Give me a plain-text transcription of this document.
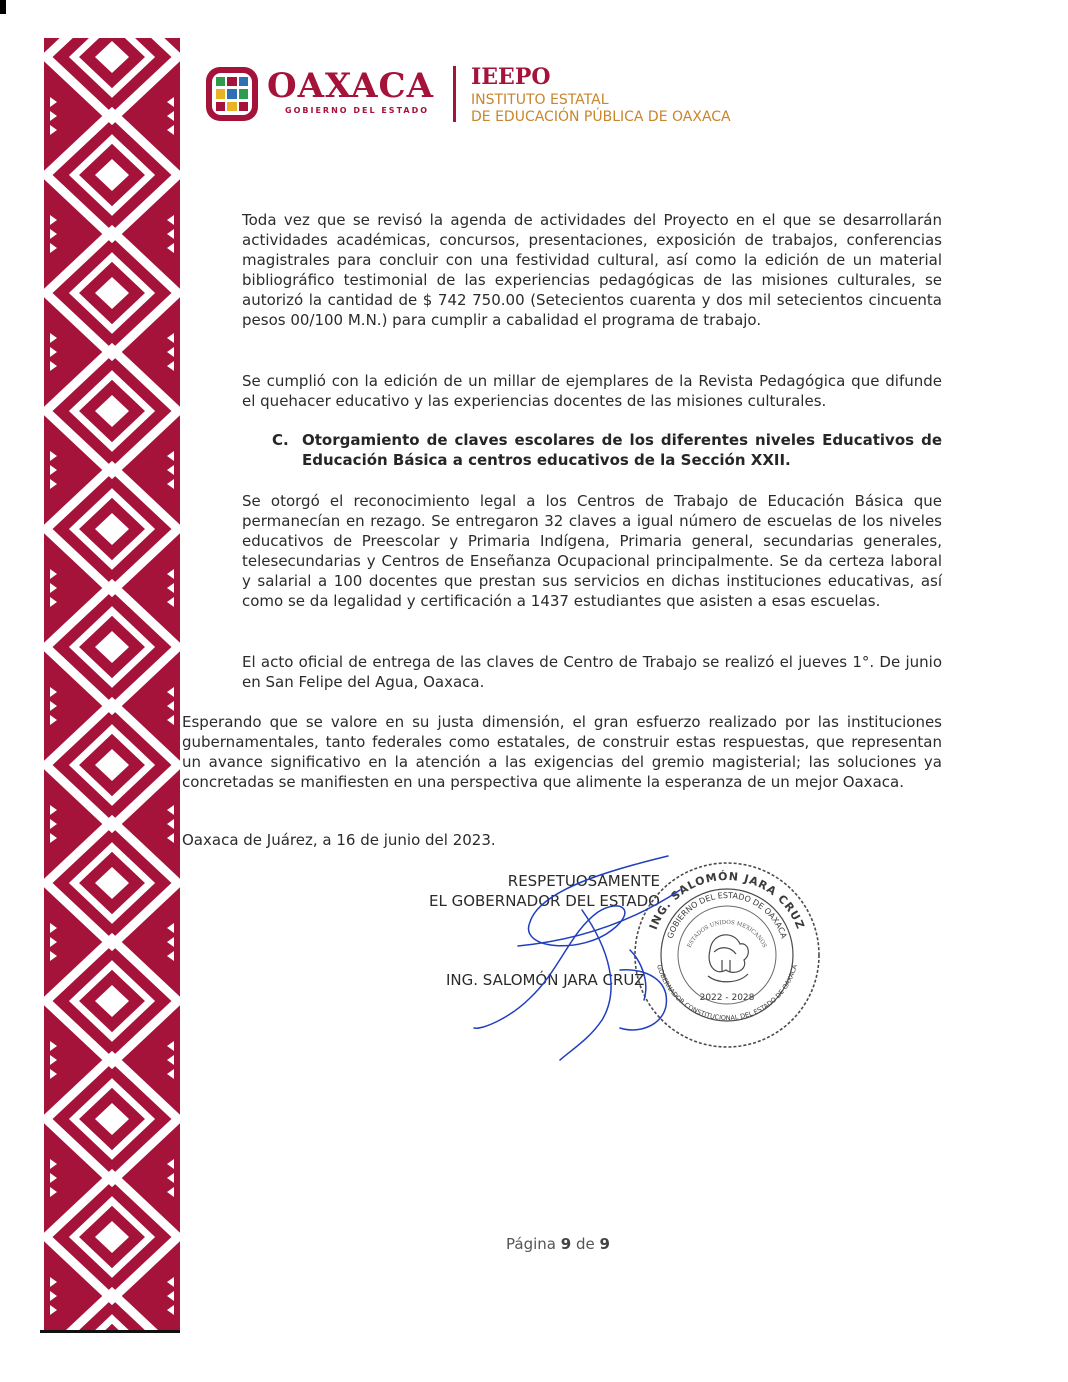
OAXACA
GOBIERNO DEL ESTADO
IEEPO
INSTITUTO ESTATAL
DE EDUCACIÓN PÚBLICA DE OAXACA
Toda vez que se revisó la agenda de actividades del Proyecto en el que se desarrollarán actividades académicas, concursos, presentaciones, exposición de trabajos, conferencias magistrales para concluir con una festividad cultural, así como la edición de un material bibliográfico testimonial de las experiencias pedagógicas de las misiones culturales, se autorizó la cantidad de $ 742 750.00 (Setecientos cuarenta y dos mil setecientos cincuenta pesos 00/100 M.N.) para cumplir a cabalidad el programa de trabajo.
Se cumplió con la edición de un millar de ejemplares de la Revista Pedagógica que difunde el quehacer educativo y las experiencias docentes de las misiones culturales.
C. Otorgamiento de claves escolares de los diferentes niveles Educativos de Educación Básica a centros educativos de la Sección XXII.
Se otorgó el reconocimiento legal a los Centros de Trabajo de Educación Básica que permanecían en rezago. Se entregaron 32 claves a igual número de escuelas de los niveles educativos de Preescolar y Primaria Indígena, Primaria general, secundarias generales, telesecundarias y Centros de Enseñanza Ocupacional principalmente. Se da certeza laboral y salarial a 100 docentes que prestan sus servicios en dichas instituciones educativas, así como se da legalidad y certificación a 1437 estudiantes que asisten a esas escuelas.
El acto oficial de entrega de las claves de Centro de Trabajo se realizó el jueves 1°. De junio en San Felipe del Agua, Oaxaca.
Esperando que se valore en su justa dimensión, el gran esfuerzo realizado por las instituciones gubernamentales, tanto federales como estatales, de construir estas respuestas, que representan un avance significativo en la atención a las exigencias del gremio magisterial; las soluciones ya concretadas se manifiesten en una perspectiva que alimente la esperanza de un mejor Oaxaca.
Oaxaca de Juárez, a 16 de junio del 2023.
RESPETUOSAMENTE
EL GOBERNADOR DEL ESTADO
ING. SALOMÓN JARA CRUZ
ING. SALOMÓN JARA CRUZ
GOBIERNO DEL ESTADO DE OAXACA
ESTADOS UNIDOS MEXICANOS
GOBERNADOR CONSTITUCIONAL DEL ESTADO DE OAXACA
2022 - 2028
Página 9 de 9
